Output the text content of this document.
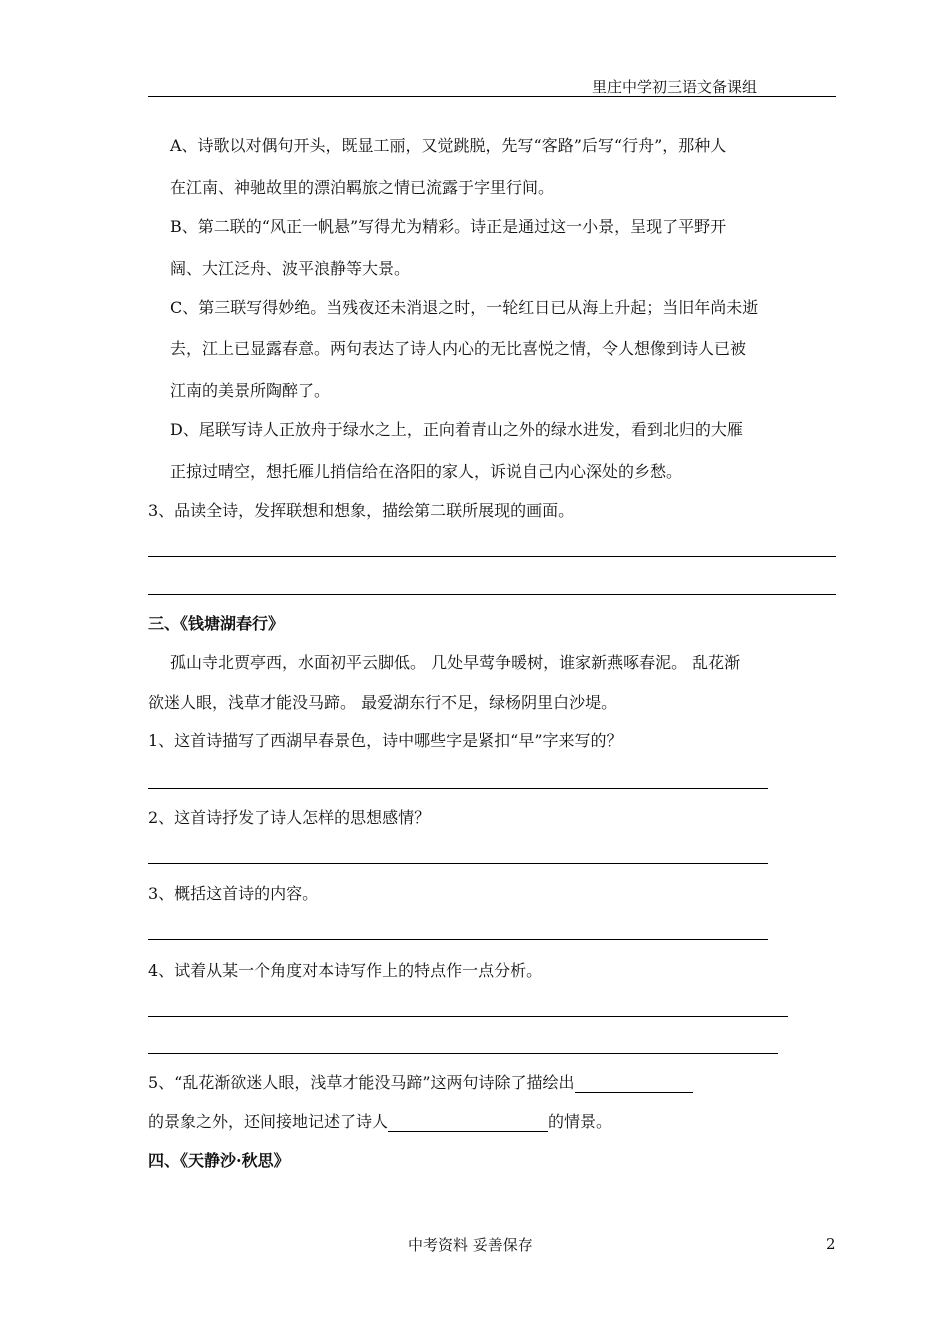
里庄中学初三语文备课组
A、诗歌以对偶句开头，既显工丽，又觉跳脱，先写“客路”后写“行舟”，那种人
在江南、神驰故里的漂泊羁旅之情已流露于字里行间。
B、第二联的“风正一帆悬”写得尤为精彩。诗正是通过这一小景，呈现了平野开
阔、大江泛舟、波平浪静等大景。
C、第三联写得妙绝。当残夜还未消退之时，一轮红日已从海上升起；当旧年尚未逝
去，江上已显露春意。两句表达了诗人内心的无比喜悦之情，令人想像到诗人已被
江南的美景所陶醉了。
D、尾联写诗人正放舟于绿水之上，正向着青山之外的绿水进发，看到北归的大雁
正掠过晴空，想托雁儿捎信给在洛阳的家人，诉说自己内心深处的乡愁。
3、品读全诗，发挥联想和想象，描绘第二联所展现的画面。
三、《钱塘湖春行》
孤山寺北贾亭西，水面初平云脚低。 几处早莺争暖树，谁家新燕啄春泥。 乱花渐
欲迷人眼，浅草才能没马蹄。 最爱湖东行不足，绿杨阴里白沙堤。
1、这首诗描写了西湖早春景色，诗中哪些字是紧扣“早”字来写的？
2、这首诗抒发了诗人怎样的思想感情？
3、概括这首诗的内容。
4、试着从某一个角度对本诗写作上的特点作一点分析。
5、“乱花渐欲迷人眼，浅草才能没马蹄”这两句诗除了描绘出
的景象之外，还间接地记述了诗人	的情景。
四、《天静沙·秋思》
中考资料 妥善保存	2
